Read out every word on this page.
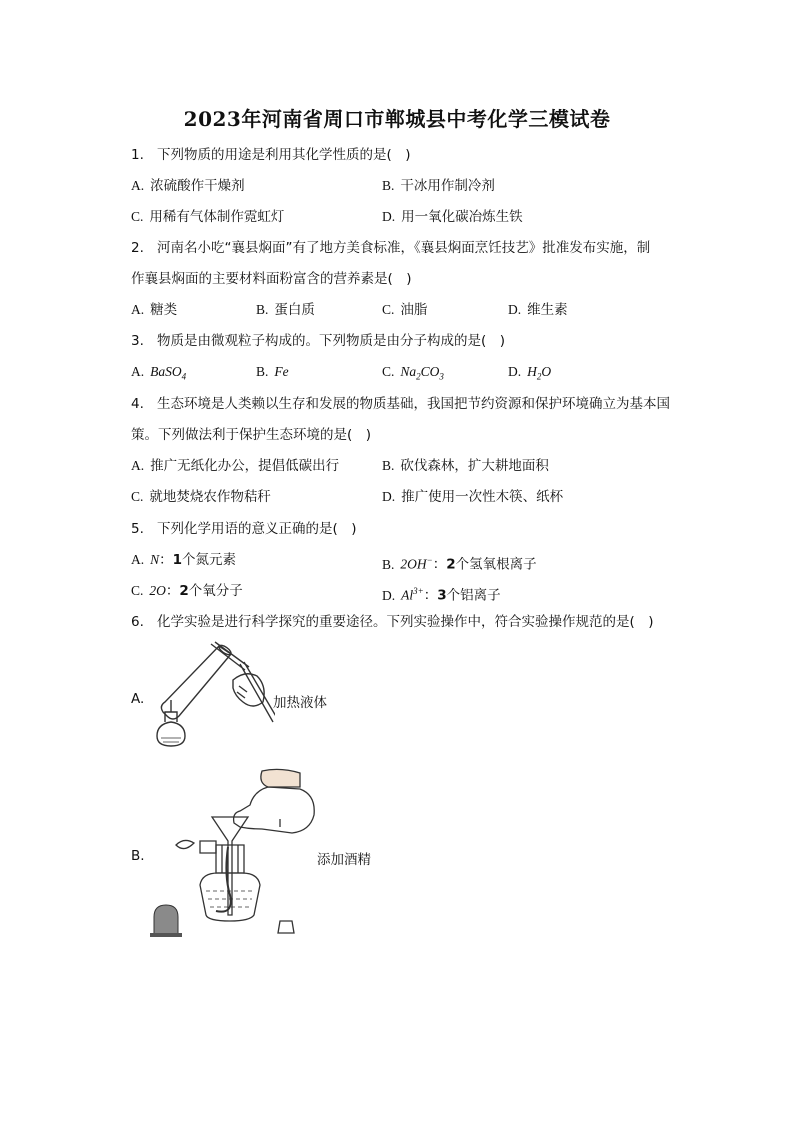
2023年河南省周口市郸城县中考化学三模试卷
1. 下列物质的用途是利用其化学性质的是(　)
A. 浓硫酸作干燥剂	B. 干冰用作制冷剂
C. 用稀有气体制作霓虹灯	D. 用一氧化碳冶炼生铁
2. 河南名小吃“襄县焖面”有了地方美食标准，《襄县焖面烹饪技艺》批准发布实施，制
作襄县焖面的主要材料面粉富含的营养素是(　)
A. 糖类	B. 蛋白质	C. 油脂	D. 维生素
3. 物质是由微观粒子构成的。下列物质是由分子构成的是(　)
A. BaSO$_4$	B. Fe	C. $Na_2CO_3$	D. $H_2O$
4. 生态环境是人类赖以生存和发展的物质基础，我国把节约资源和保护环境确立为基本国
策。下列做法利于保护生态环境的是(　)
A. 推广无纸化办公，提倡低碳出行	B. 砍伐森林，扩大耕地面积
C. 就地焚烧农作物秸秆	D. 推广使用一次性木筷、纸杯
5. 下列化学用语的意义正确的是(　)
A. N：1个氮元素	B. 2OH−：2个氢氧根离子
C. 2O：2个氧分子	D. $Al^{3+}$：3个铝离子
6. 化学实验是进行科学探究的重要途径。下列实验操作中，符合实验操作规范的是(　)
A.	加热液体
B.	添加酒精
